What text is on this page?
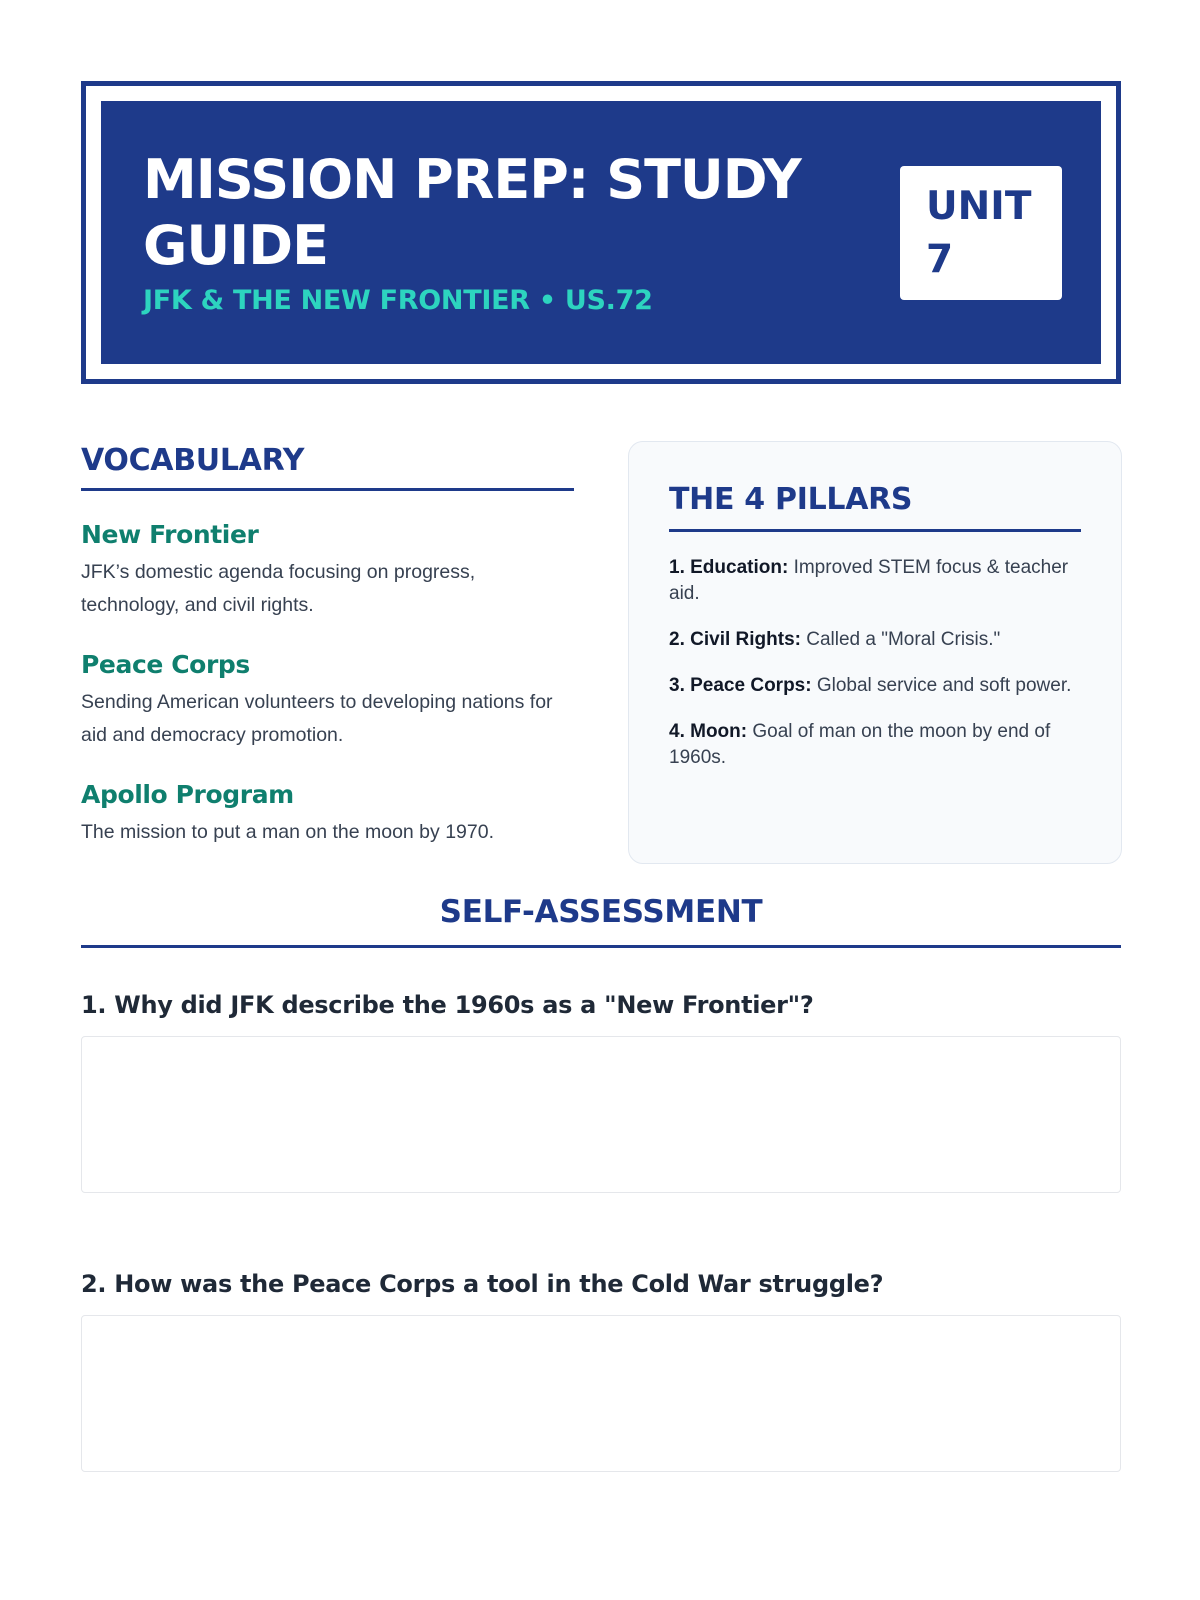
MISSION PREP: STUDY GUIDE
JFK & THE NEW FRONTIER • US.72
UNIT
7
VOCABULARY
New Frontier
JFK’s domestic agenda focusing on progress, technology, and civil rights.
Peace Corps
Sending American volunteers to developing nations for aid and democracy promotion.
Apollo Program
The mission to put a man on the moon by 1970.
THE 4 PILLARS
1. Education: Improved STEM focus & teacher aid.
2. Civil Rights: Called a "Moral Crisis."
3. Peace Corps: Global service and soft power.
4. Moon: Goal of man on the moon by end of 1960s.
SELF-ASSESSMENT
1. Why did JFK describe the 1960s as a "New Frontier"?
2. How was the Peace Corps a tool in the Cold War struggle?
